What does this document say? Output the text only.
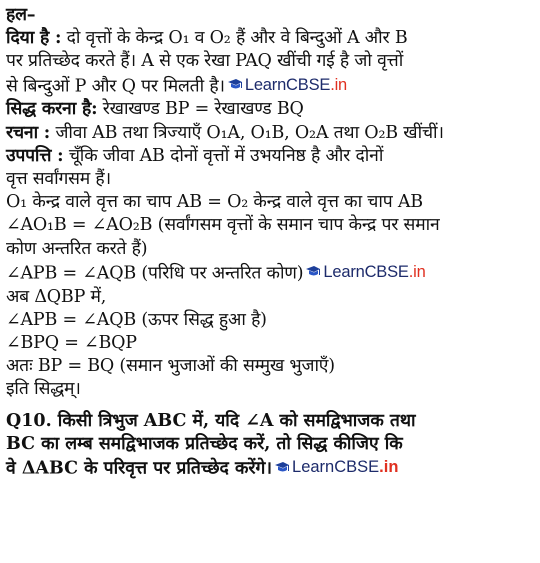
हल–
दिया है : दो वृत्तों के केन्द्र O₁ व O₂ हैं और वे बिन्दुओं A और B
पर प्रतिच्छेद करते हैं। A से एक रेखा PAQ खींची गई है जो वृत्तों
से बिन्दुओं P और Q पर मिलती है। LearnCBSE .in
सिद्ध करना है: रेखाखण्ड BP = रेखाखण्ड BQ
रचना : जीवा AB तथा त्रिज्याएँ O₁A, O₁B, O₂A तथा O₂B खींचीं।
उपपत्ति : चूँकि जीवा AB दोनों वृत्तों में उभयनिष्ठ है और दोनों
वृत्त सर्वांगसम हैं।
O₁ केन्द्र वाले वृत्त का चाप AB = O₂ केन्द्र वाले वृत्त का चाप AB
∠AO₁B = ∠AO₂B (सर्वांगसम वृत्तों के समान चाप केन्द्र पर समान
कोण अन्तरित करते हैं)
∠APB = ∠AQB (परिधि पर अन्तरित कोण) LearnCBSE .in
अब ΔQBP में,
∠APB = ∠AQB (ऊपर सिद्ध हुआ है)
∠BPQ = ∠BQP
अतः BP = BQ (समान भुजाओं की सम्मुख भुजाएँ)
इति सिद्धम्।
Q10. किसी त्रिभुज ABC में, यदि ∠A को समद्विभाजक तथा
BC का लम्ब समद्विभाजक प्रतिच्छेद करें, तो सिद्ध कीजिए कि
वे ΔABC के परिवृत्त पर प्रतिच्छेद करेंगे। LearnCBSE .in
